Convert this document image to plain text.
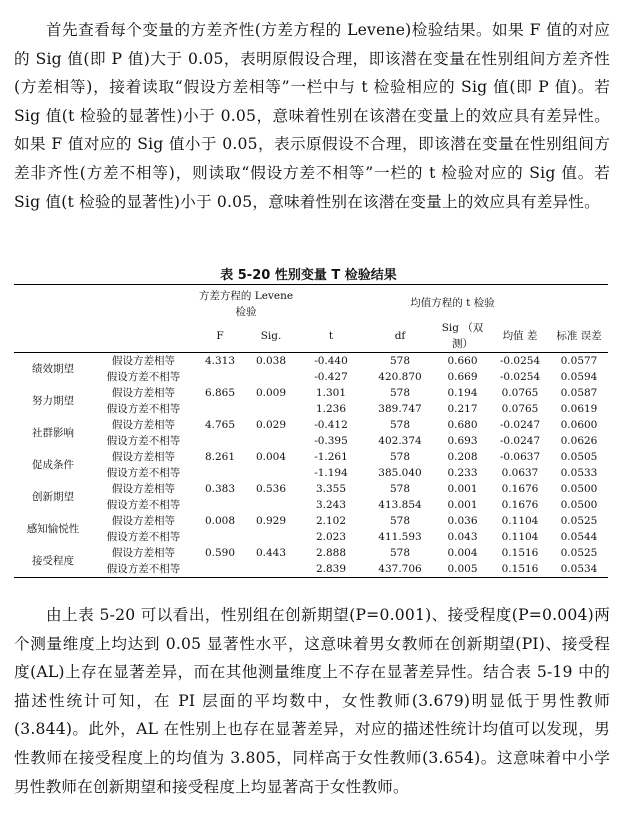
首先查看每个变量的方差齐性(方差方程的 Levene)检验结果。如果 F 值的对应的 Sig 值(即 P 值)大于 0.05，表明原假设合理，即该潜在变量在性别组间方差齐性(方差相等)，接着读取“假设方差相等”一栏中与 t 检验相应的 Sig 值(即 P 值)。若 Sig 值(t 检验的显著性)小于 0.05，意味着性别在该潜在变量上的效应具有差异性。如果 F 值对应的 Sig 值小于 0.05，表示原假设不合理，即该潜在变量在性别组间方差非齐性(方差不相等)，则读取“假设方差不相等”一栏的 t 检验对应的 Sig 值。若 Sig 值(t 检验的显著性)小于 0.05，意味着性别在该潜在变量上的效应具有差异性。

表 5-20 性别变量 T 检验结果
		方差方程的 Levene 检验		均值方程的 t 检验				
		F	Sig.	t	df	Sig （双测）	均值 差	标准 误差
绩效期望	假设方差相等	4.313	0.038	-0.440	578	0.660	-0.0254	0.0577
	假设方差不相等			-0.427	420.870	0.669	-0.0254	0.0594
努力期望	假设方差相等	6.865	0.009	1.301	578	0.194	0.0765	0.0587
	假设方差不相等			1.236	389.747	0.217	0.0765	0.0619
社群影响	假设方差相等	4.765	0.029	-0.412	578	0.680	-0.0247	0.0600
	假设方差不相等			-0.395	402.374	0.693	-0.0247	0.0626
促成条件	假设方差相等	8.261	0.004	-1.261	578	0.208	-0.0637	0.0505
	假设方差不相等			-1.194	385.040	0.233	0.0637	0.0533
创新期望	假设方差相等	0.383	0.536	3.355	578	0.001	0.1676	0.0500
	假设方差不相等			3.243	413.854	0.001	0.1676	0.0500
感知愉悦性	假设方差相等	0.008	0.929	2.102	578	0.036	0.1104	0.0525
	假设方差不相等			2.023	411.593	0.043	0.1104	0.0544
接受程度	假设方差相等	0.590	0.443	2.888	578	0.004	0.1516	0.0525
	假设方差不相等			2.839	437.706	0.005	0.1516	0.0534

由上表 5-20 可以看出，性别组在创新期望(P=0.001)、接受程度(P=0.004)两个测量维度上均达到 0.05 显著性水平，这意味着男女教师在创新期望(PI)、接受程度(AL)上存在显著差异，而在其他测量维度上不存在显著差异性。结合表 5-19 中的描述性统计可知，在 PI 层面的平均数中，女性教师(3.679)明显低于男性教师(3.844)。此外，AL 在性别上也存在显著差异，对应的描述性统计均值可以发现，男性教师在接受程度上的均值为 3.805，同样高于女性教师(3.654)。这意味着中小学男性教师在创新期望和接受程度上均显著高于女性教师。
